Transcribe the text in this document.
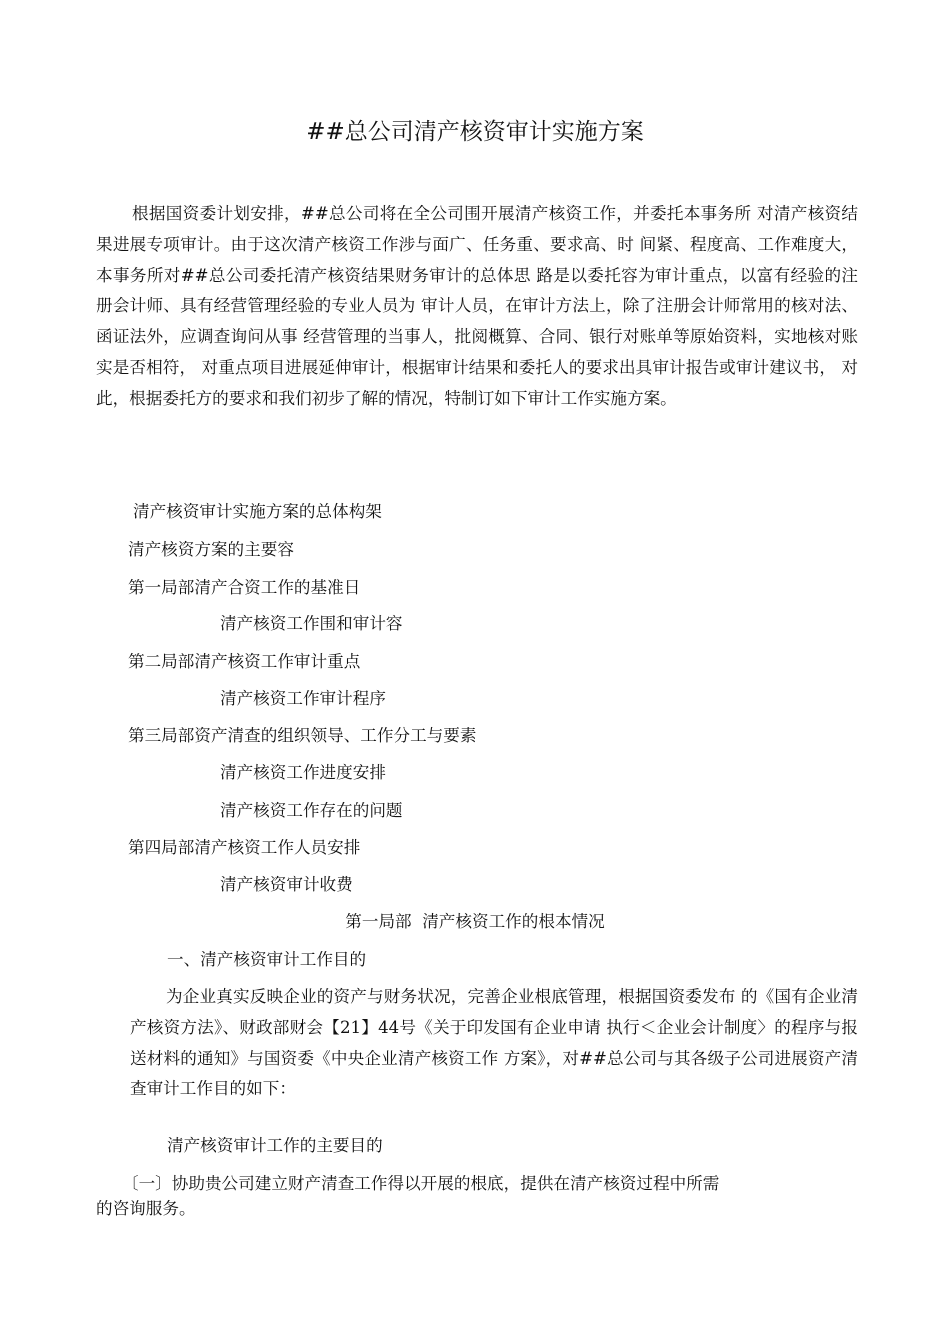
##总公司清产核资审计实施方案

根据国资委计划安排，##总公司将在全公司围开展清产核资工作，并委托本事务所 对清产核资结果进展专项审计。由于这次清产核资工作涉与面广、任务重、要求高、时 间紧、程度高、工作难度大，本事务所对##总公司委托清产核资结果财务审计的总体思 路是以委托容为审计重点，以富有经验的注册会计师、具有经营管理经验的专业人员为 审计人员，在审计方法上，除了注册会计师常用的核对法、函证法外，应调查询问从事 经营管理的当事人，批阅概算、合同、银行对账单等原始资料，实地核对账实是否相符， 对重点项目进展延伸审计，根据审计结果和委托人的要求出具审计报告或审计建议书， 对此，根据委托方的要求和我们初步了解的情况，特制订如下审计工作实施方案。

清产核资审计实施方案的总体构架
清产核资方案的主要容
第一局部清产合资工作的基准日
清产核资工作围和审计容
第二局部清产核资工作审计重点
清产核资工作审计程序
第三局部资产清查的组织领导、工作分工与要素
清产核资工作进度安排
清产核资工作存在的问题
第四局部清产核资工作人员安排
清产核资审计收费
第一局部  清产核资工作的根本情况
一、清产核资审计工作目的

为企业真实反映企业的资产与财务状况，完善企业根底管理，根据国资委发布 的《国有企业清产核资方法》、财政部财会【21】44号《关于印发国有企业申请 执行＜企业会计制度〉的程序与报送材料的通知》与国资委《中央企业清产核资工作 方案》，对##总公司与其各级子公司进展资产清查审计工作目的如下：

清产核资审计工作的主要目的
〔一〕协助贵公司建立财产清查工作得以开展的根底，提供在清产核资过程中所需
的咨询服务。
